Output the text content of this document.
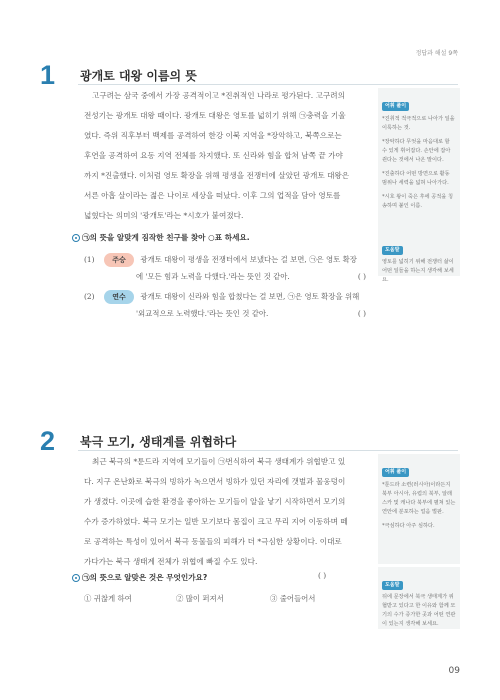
정답과 해설 9쪽
1 광개토 대왕 이름의 뜻
고구려는 삼국 중에서 가장 공격적이고 *진취적인 나라로 평가된다. 고구려의
전성기는 광개토 대왕 때이다. 광개토 대왕은 영토를 넓히기 위해 ㉠충력을 기울
였다. 즉위 직후부터 백제를 공격하여 한강 이북 지역을 *장악하고, 북쪽으로는
후연을 공격하여 요동 지역 전체를 차지했다. 또 신라와 힘을 합쳐 남쪽 끝 가야
까지 *진출했다. 이처럼 영토 확장을 위해 평생을 전쟁터에 살았던 광개토 대왕은
서른 아홉 살이라는 젊은 나이로 세상을 떠났다. 이후 그의 업적을 담아 영토를
넓혔다는 의미의 '광개토'라는 *시호가 붙여졌다.
어휘 풀이

*진취적 적극적으로 나아가 일을 이룩하는 것.

*장악하다 무엇을 마음대로 할 수 있게 휘어잡다. 손안에 잡아 쥔다는 것에서 나온 말이다.

*진출하다 어떤 방면으로 활동 범위나 세력을 넓혀 나아가다.

*시호 왕이 죽은 후에 공적을 칭송하며 붙인 이름.

도움말
영토를 넓히기 위해 전쟁터 삶이 어떤 일들을 하는지 생각해 보세요.
㉠의 뜻을 알맞게 짐작한 친구를 찾아 ○표 하세요.
(1)	주승 광개토 대왕이 평생을 전쟁터에서 보냈다는 걸 보면, ㉠은 영토 확장
에 '모든 힘과 노력을 다했다.'라는 뜻인 것 같아.	( )
(2)	연수 광개토 대왕이 신라와 힘을 합쳤다는 걸 보면, ㉠은 영토 확장을 위해
'외교적으로 노력했다.'라는 뜻인 것 같아.	( )
2 북극 모기, 생태계를 위협하다
최근 북극의 *툰드라 지역에 모기들이 ㉠번식하여 북극 생태계가 위협받고 있
다. 지구 온난화로 북극의 빙하가 녹으면서 빙하가 있던 자리에 갯벌과 물웅덩이
가 생겼다. 이곳에 습한 환경을 좋아하는 모기들이 알을 낳기 시작하면서 모기의
수가 증가하였다. 북극 모기는 일반 모기보다 몸집이 크고 무리 지어 이동하며 떼
로 공격하는 특성이 있어서 북극 동물들의 피해가 더 *극심한 상황이다. 이대로
가다가는 북극 생태계 전체가 위협에 빠질 수도 있다.
어휘 풀이

*툰드라 소련(러시아)이라든지 북부 아시아, 유럽의 북부, 알래스카 및 캐나다 북부에 펼쳐 있는 연안에 분포하는 얼음 벌판.

*극심하다 아주 심하다.

도움말
뒤에 문장에서 북극 생태계가 위협받고 있다고 한 이유와 함께 모기의 수가 증가한 곳과 어떤 연관이 있는지 생각해 보세요.
㉠의 뜻으로 알맞은 것은 무엇인가요?	( )
① 귀찮게 하여	② 많이 퍼져서	③ 줄어들어서
09
